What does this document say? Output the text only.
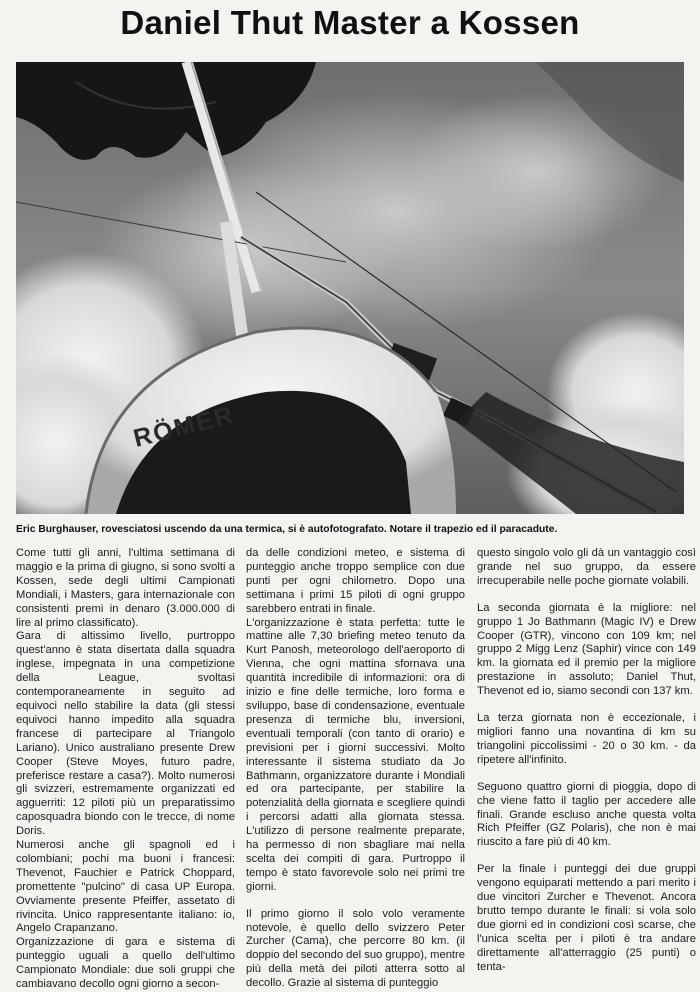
Daniel Thut Master a Kossen
RÖMER
Eric Burghauser, rovesciatosi uscendo da una termica, si è autofotografato. Notare il trapezio ed il paracadute.

Come tutti gli anni, l'ultima settimana di maggio e la prima di giugno, si sono svolti a Kossen, sede degli ultimi Campionati Mondiali, i Masters, gara internazionale con consistenti premi in denaro (3.000.000 di lire al primo classificato).

Gara di altissimo livello, purtroppo quest'anno è stata disertata dalla squadra inglese, impegnata in una competizione della League, svoltasi contemporaneamente in seguito ad equivoci nello stabilire la data (gli stessi equivoci hanno impedito alla squadra francese di partecipare al Triangolo Lariano). Unico australiano presente Drew Cooper (Steve Moyes, futuro padre, preferisce restare a casa?). Molto numerosi gli svizzeri, estremamente organizzati ed agguerriti: 12 piloti più un preparatissimo caposquadra biondo con le trecce, di nome Doris.

Numerosi anche gli spagnoli ed i colombiani; pochi ma buoni i francesi: Thevenot, Fauchier e Patrick Choppard, promettente "pulcino" di casa UP Europa. Ovviamente presente Pfeiffer, assetato di rivincita. Unico rappresentante italiano: io, Angelo Crapanzano.

Organizzazione di gara e sistema di punteggio uguali a quello dell'ultimo Campionato Mondiale: due soli gruppi che cambiavano decollo ogni giorno a secon-

da delle condizioni meteo, e sistema di punteggio anche troppo semplice con due punti per ogni chilometro. Dopo una settimana i primi 15 piloti di ogni gruppo sarebbero entrati in finale.

L'organizzazione è stata perfetta: tutte le mattine alle 7,30 briefing meteo tenuto da Kurt Panosh, meteorologo dell'aeroporto di Vienna, che ogni mattina sfornava una quantità incredibile di informazioni: ora di inizio e fine delle termiche, loro forma e sviluppo, base di condensazione, eventuale presenza di termiche blu, inversioni, eventuali temporali (con tanto di orario) e previsioni per i giorni successivi. Molto interessante il sistema studiato da Jo Bathmann, organizzatore durante i Mondiali ed ora partecipante, per stabilire la potenzialità della giornata e scegliere quindi i percorsi adatti alla giornata stessa. L'utilizzo di persone realmente preparate, ha permesso di non sbagliare mai nella scelta dei compiti di gara. Purtroppo il tempo è stato favorevole solo nei primi tre giorni.

Il primo giorno il solo volo veramente notevole, è quello dello svizzero Peter Zurcher (Cama), che percorre 80 km. (il doppio del secondo del suo gruppo), mentre più della metà dei piloti atterra sotto al decollo. Grazie al sistema di punteggio

questo singolo volo gli dà un vantaggio così grande nel suo gruppo, da essere irrecuperabile nelle poche giornate volabili.

La seconda giornata è la migliore: nel gruppo 1 Jo Bathmann (Magic IV) e Drew Cooper (GTR), vincono con 109 km; nel gruppo 2 Migg Lenz (Saphir) vince con 149 km. la giornata ed il premio per la migliore prestazione in assoluto; Daniel Thut, Thevenot ed io, siamo secondi con 137 km.

La terza giornata non è eccezionale, i migliori fanno una novantina di km su triangolini piccolissimi - 20 o 30 km. - da ripetere all'infinito.

Seguono quattro giorni di pioggia, dopo di che viene fatto il taglio per accedere alle finali. Grande escluso anche questa volta Rich Pfeiffer (GZ Polaris), che non è mai riuscito a fare più di 40 km.

Per la finale i punteggi dei due gruppi vengono equiparati mettendo a pari merito i due vincitori Zurcher e Thevenot. Ancora brutto tempo durante le finali: si vola solo due giorni ed in condizioni così scarse, che l'unica scelta per i piloti è tra andare direttamente all'atterraggio (25 punti) o tenta-
